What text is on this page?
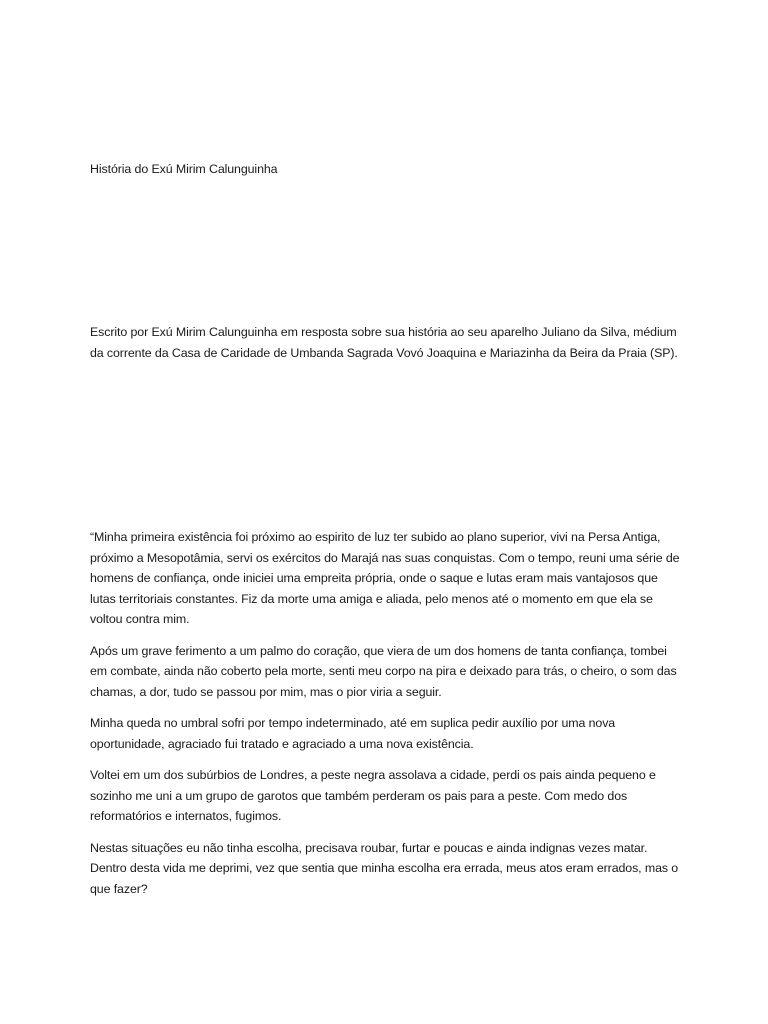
História do Exú Mirim Calunguinha

Escrito por Exú Mirim Calunguinha em resposta sobre sua história ao seu aparelho Juliano da Silva, médium da corrente da Casa de Caridade de Umbanda Sagrada Vovó Joaquina e Mariazinha da Beira da Praia (SP).

“Minha primeira existência foi próximo ao espirito de luz ter subido ao plano superior, vivi na Persa Antiga, próximo a Mesopotâmia, servi os exércitos do Marajá nas suas conquistas. Com o tempo, reuni uma série de homens de confiança, onde iniciei uma empreita própria, onde o saque e lutas eram mais vantajosos que lutas territoriais constantes. Fiz da morte uma amiga e aliada, pelo menos até o momento em que ela se voltou contra mim.

Após um grave ferimento a um palmo do coração, que viera de um dos homens de tanta confiança, tombei em combate, ainda não coberto pela morte, senti meu corpo na pira e deixado para trás, o cheiro, o som das chamas, a dor, tudo se passou por mim, mas o pior viria a seguir.

Minha queda no umbral sofri por tempo indeterminado, até em suplica pedir auxílio por uma nova oportunidade, agraciado fui tratado e agraciado a uma nova existência.

Voltei em um dos subúrbios de Londres, a peste negra assolava a cidade, perdi os pais ainda pequeno e sozinho me uni a um grupo de garotos que também perderam os pais para a peste. Com medo dos reformatórios e internatos, fugimos.

Nestas situações eu não tinha escolha, precisava roubar, furtar e poucas e ainda indignas vezes matar. Dentro desta vida me deprimi, vez que sentia que minha escolha era errada, meus atos eram errados, mas o que fazer?
